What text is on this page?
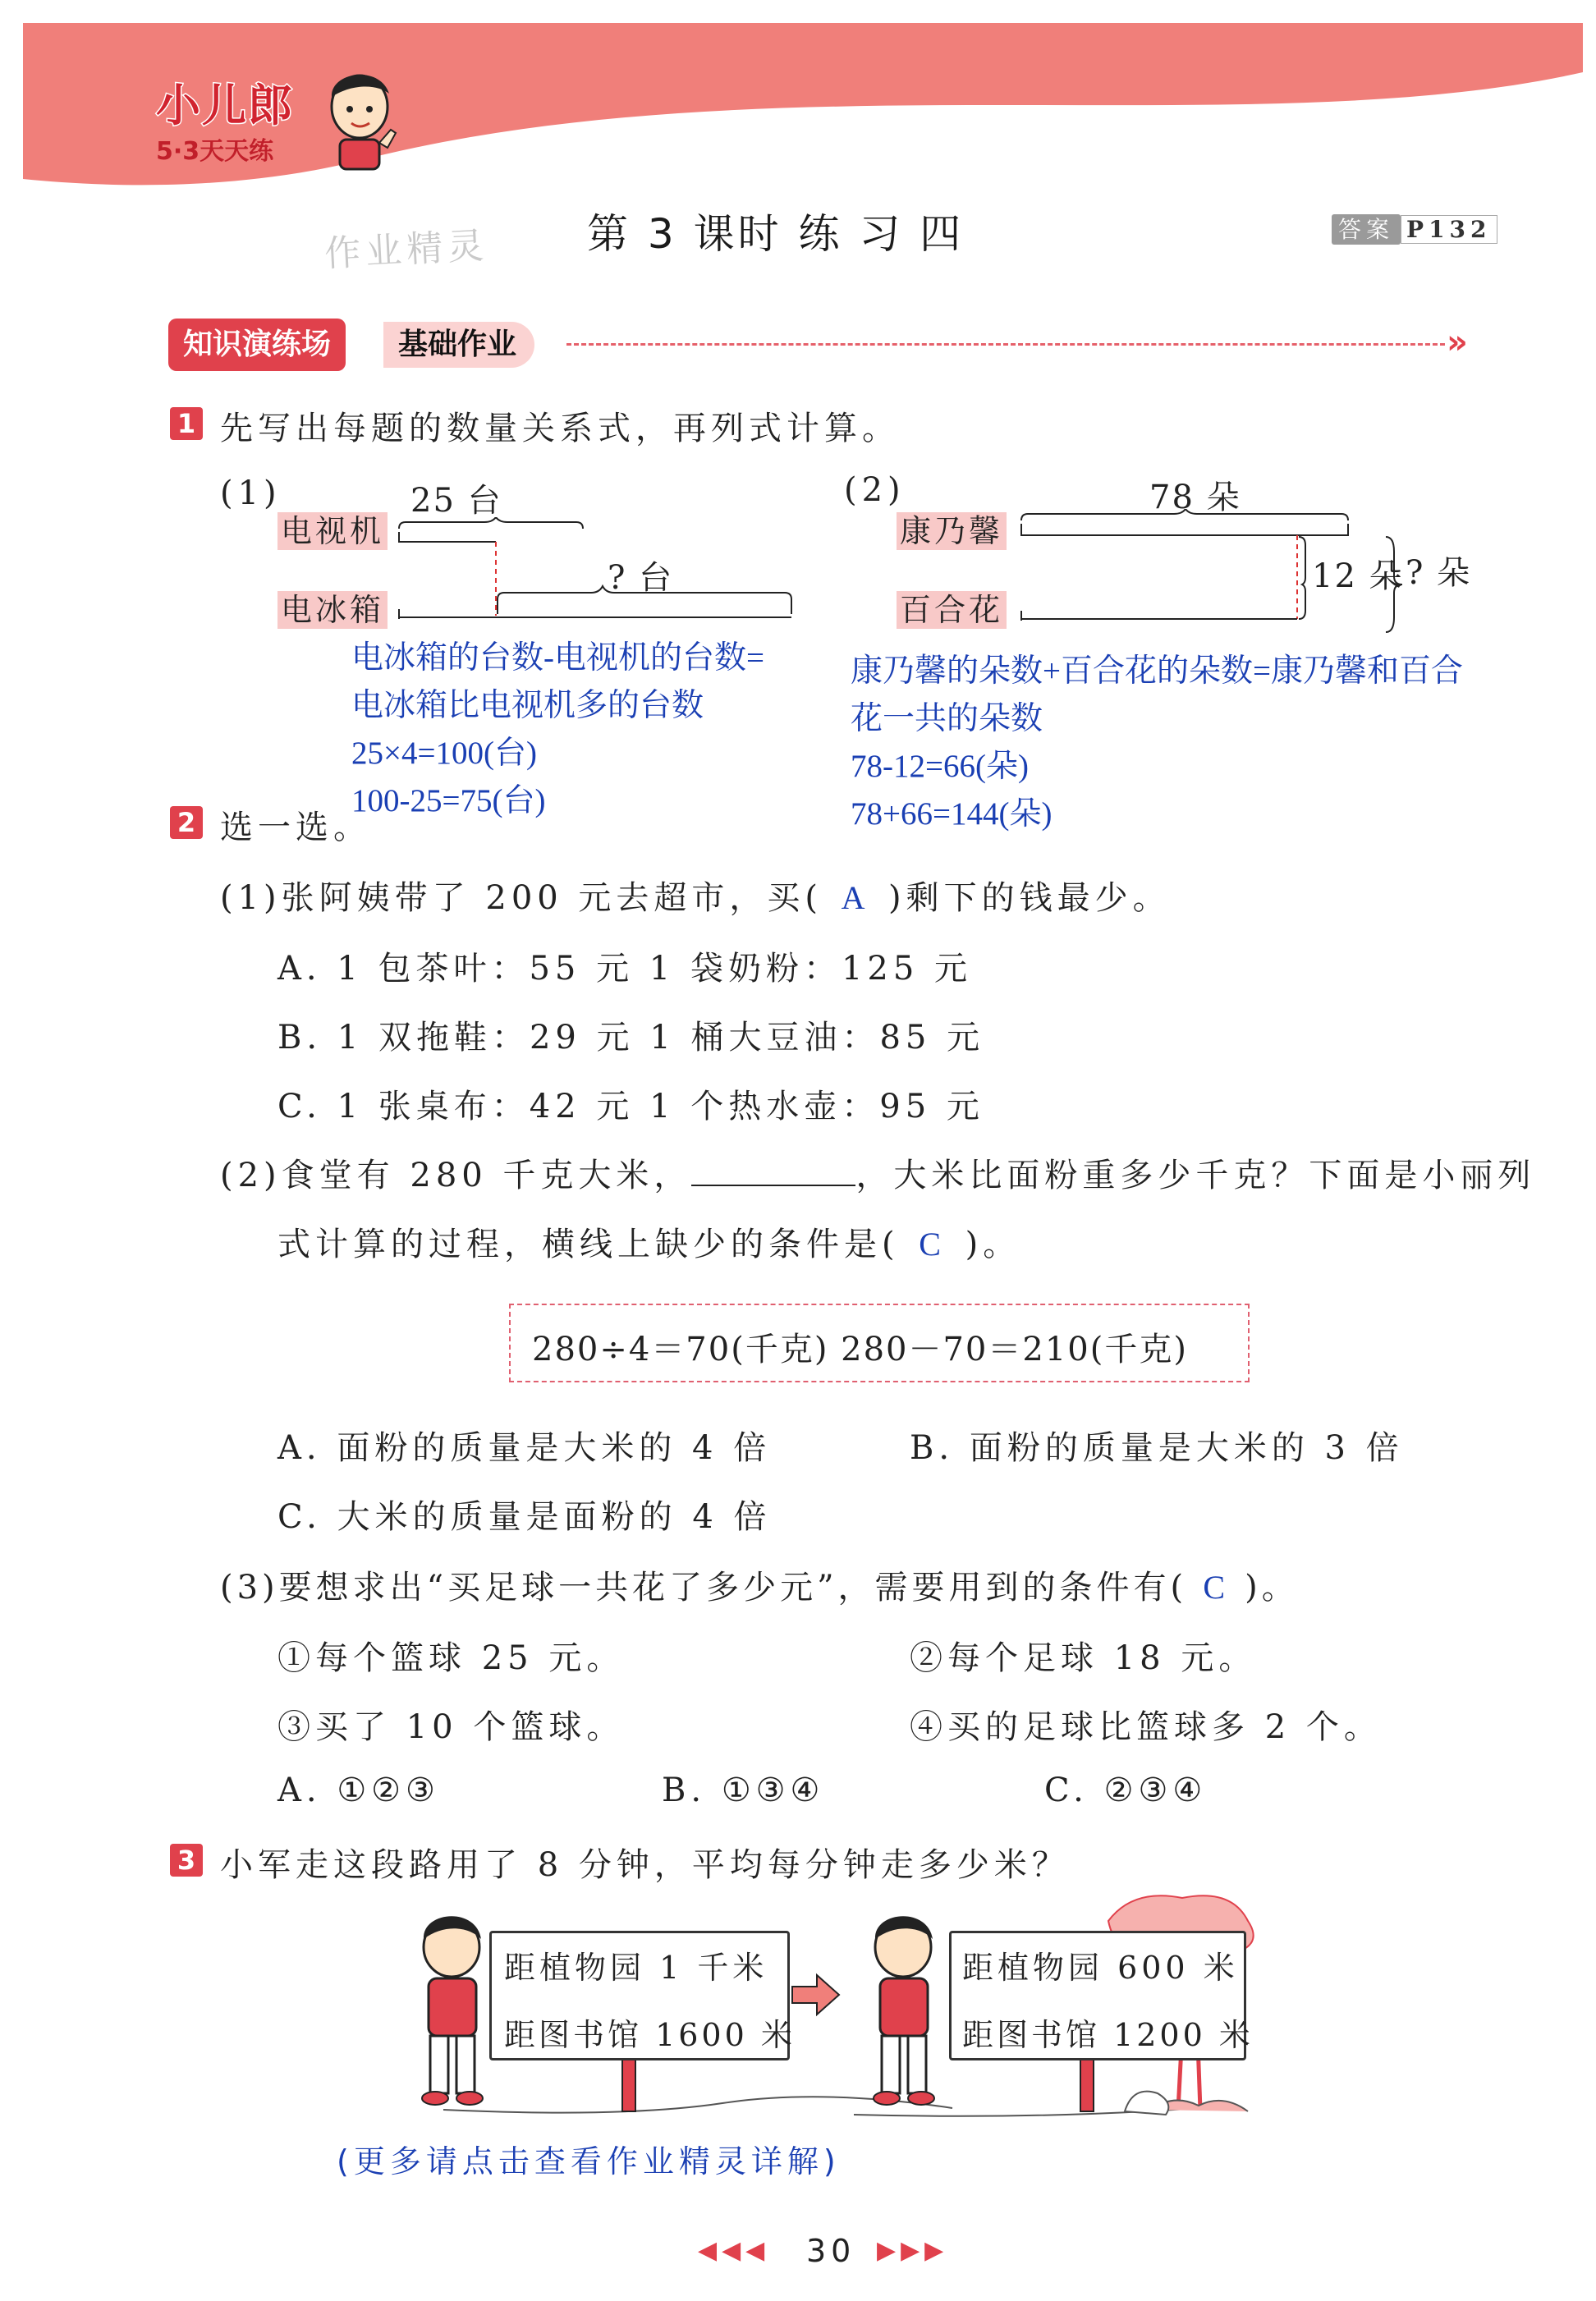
小儿郎
5·3天天练
第 3 课时 练 习 四
作业精灵	答案 P132
基础作业
知识演练场	»
1 先写出每题的数量关系式，再列式计算。
(1)	25 台
电视机
电冰箱
? 台
电冰箱的台数-电视机的台数=
电冰箱比电视机多的台数
25×4=100(台)
100-25=75(台)
(2)	78 朵
康乃馨
百合花
12 朵 ? 朵
康乃馨的朵数+百合花的朵数=康乃馨和百合
花一共的朵数
78-12=66(朵)
78+66=144(朵)
2 选一选。
(1)张阿姨带了 200 元去超市，买( A )剩下的钱最少。
A. 1 包茶叶：55 元 1 袋奶粉：125 元
B. 1 双拖鞋：29 元 1 桶大豆油：85 元
C. 1 张桌布：42 元 1 个热水壶：95 元
(2)食堂有 280 千克大米，	，大米比面粉重多少千克？下面是小丽列
式计算的过程，横线上缺少的条件是( C )。
280÷4＝70(千克) 280－70＝210(千克)
A. 面粉的质量是大米的 4 倍	B. 面粉的质量是大米的 3 倍
C. 大米的质量是面粉的 4 倍
(3)要想求出“买足球一共花了多少元”，需要用到的条件有( C )。
①每个篮球 25 元。	②每个足球 18 元。
③买了 10 个篮球。	④买的足球比篮球多 2 个。
A. ①②③	B. ①③④	C. ②③④
3 小军走这段路用了 8 分钟，平均每分钟走多少米？
距植物园 1 千米
距图书馆 1600 米
距植物园 600 米
距图书馆 1200 米
(更多请点击查看作业精灵详解)
◀◀◀ 30 ▶▶▶
